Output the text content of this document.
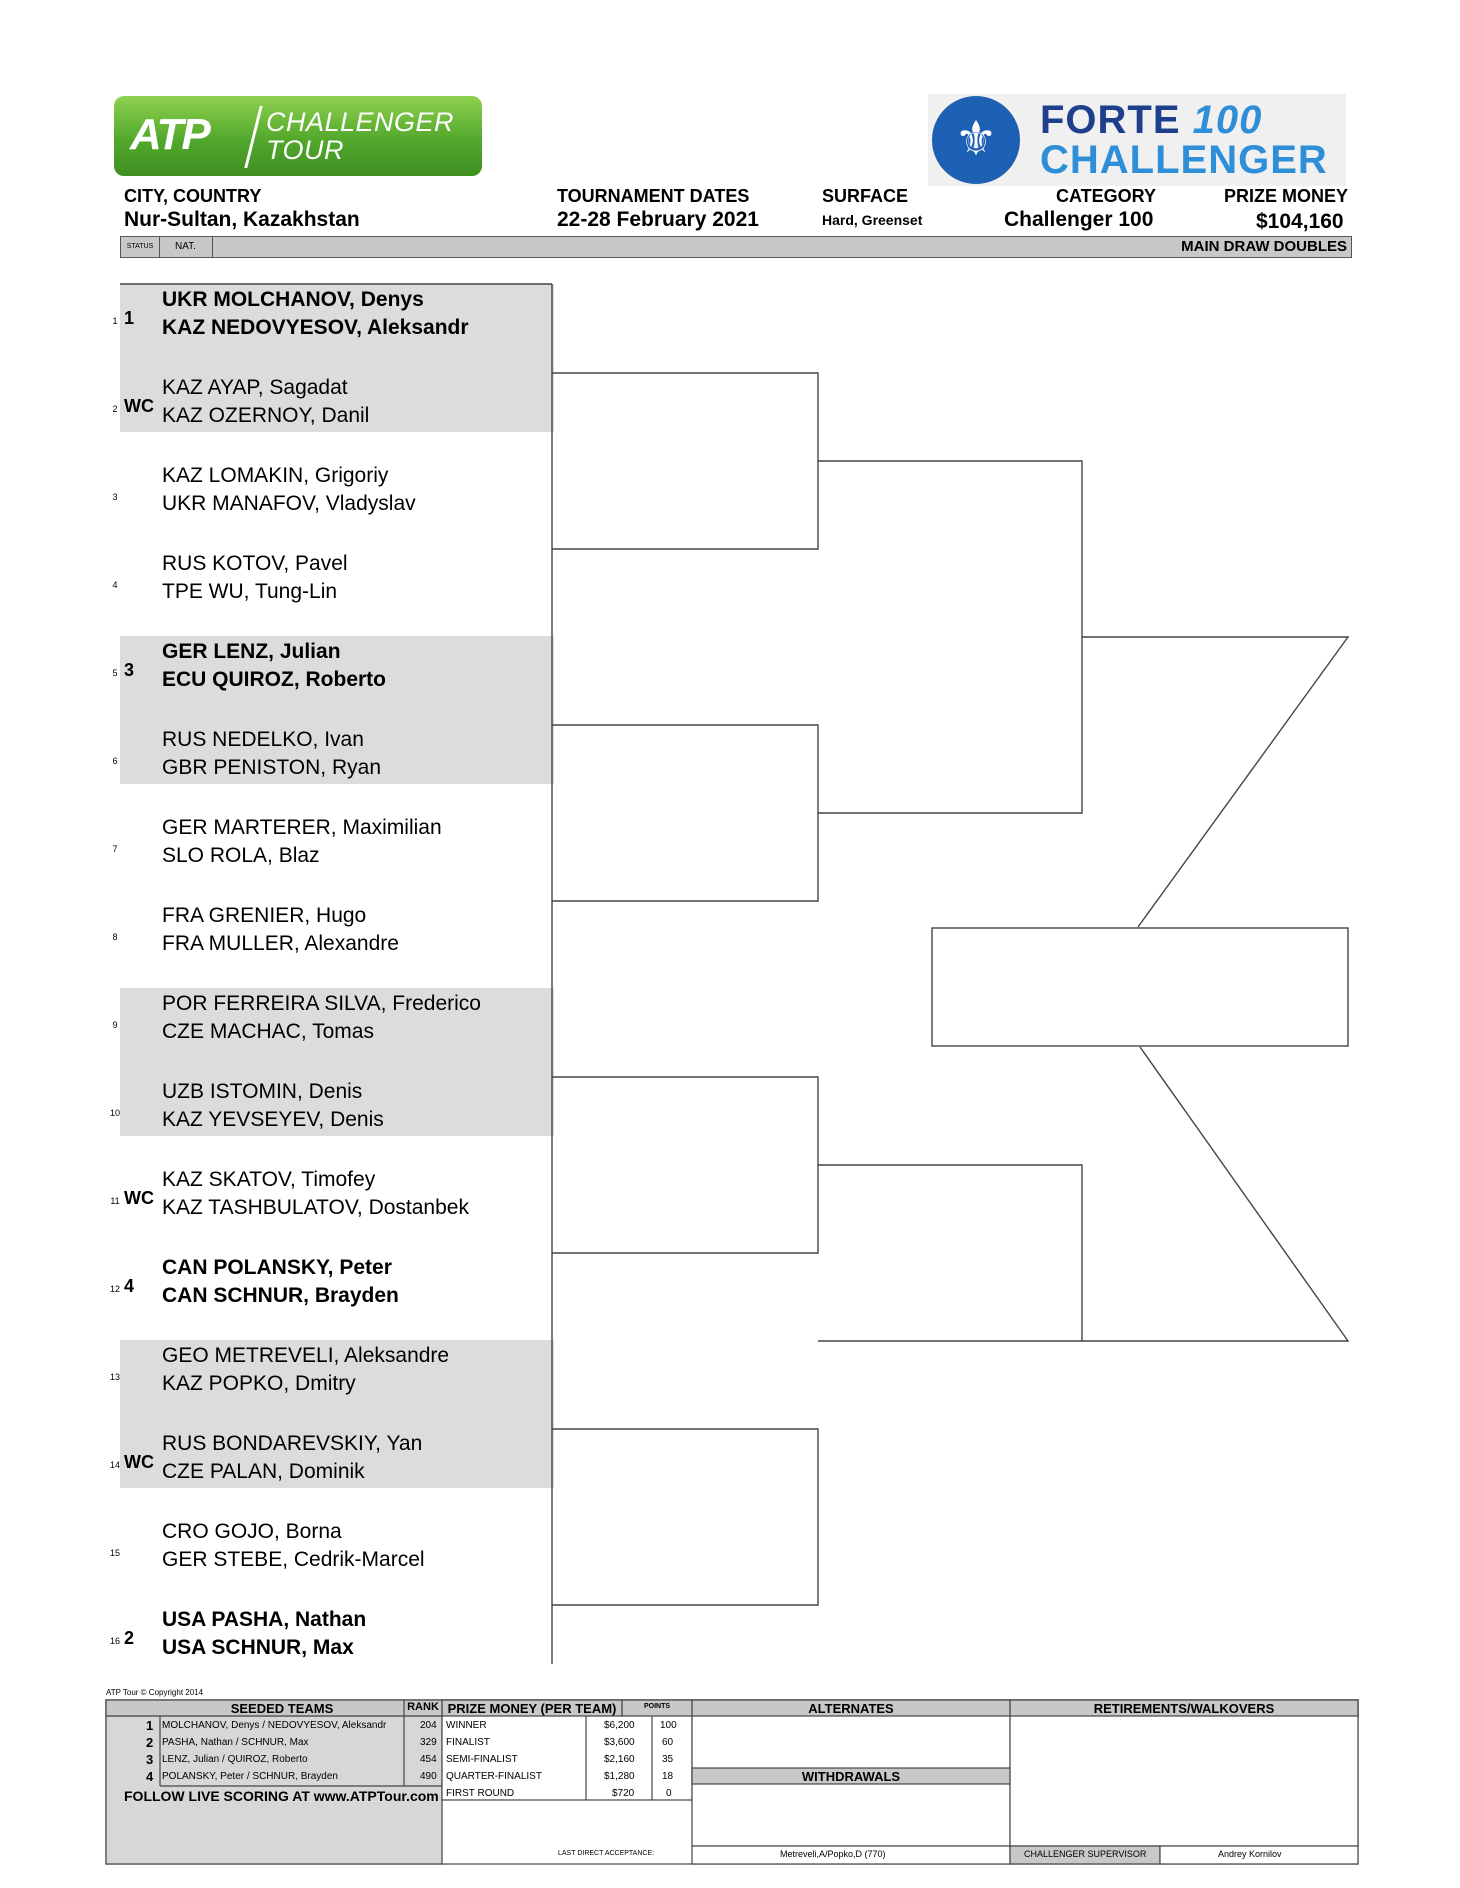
ATP CHALLENGER
TOUR	⚜ FORTE 100
CHALLENGER
CITY, COUNTRY
Nur-Sultan, Kazakhstan
TOURNAMENT DATES
22-28 February 2021
SURFACE
Hard, Greenset
CATEGORY
Challenger 100
PRIZE MONEY
$104,160
STATUS	NAT.	MAIN DRAW DOUBLES
1 1
UKR MOLCHANOV, Denys
KAZ NEDOVYESOV, Aleksandr
2 WC
KAZ AYAP, Sagadat
KAZ OZERNOY, Danil
3
KAZ LOMAKIN, Grigoriy
UKR MANAFOV, Vladyslav
4
RUS KOTOV, Pavel
TPE WU, Tung-Lin
5 3
GER LENZ, Julian
ECU QUIROZ, Roberto
6
RUS NEDELKO, Ivan
GBR PENISTON, Ryan
7
GER MARTERER, Maximilian
SLO ROLA, Blaz
8
FRA GRENIER, Hugo
FRA MULLER, Alexandre
9
POR FERREIRA SILVA, Frederico
CZE MACHAC, Tomas
10
UZB ISTOMIN, Denis
KAZ YEVSEYEV, Denis
11 WC
KAZ SKATOV, Timofey
KAZ TASHBULATOV, Dostanbek
12 4
CAN POLANSKY, Peter
CAN SCHNUR, Brayden
13
GEO METREVELI, Aleksandre
KAZ POPKO, Dmitry
14 WC
RUS BONDAREVSKIY, Yan
CZE PALAN, Dominik
15
CRO GOJO, Borna
GER STEBE, Cedrik-Marcel
16 2
USA PASHA, Nathan
USA SCHNUR, Max
ATP Tour © Copyright 2014
SEEDED TEAMS	RANK PRIZE MONEY (PER TEAM)	POINTS	ALTERNATES
WITHDRAWALS
RETIREMENTS/WALKOVERS
1 MOLCHANOV, Denys / NEDOVYESOV, Aleksandr	204
2 PASHA, Nathan / SCHNUR, Max	329
3 LENZ, Julian / QUIROZ, Roberto	454
4 POLANSKY, Peter / SCHNUR, Brayden	490
FOLLOW LIVE SCORING AT www.ATPTour.com
WINNER	$6,200	100
FINALIST	$3,600	60
SEMI-FINALIST	$2,160	35
QUARTER-FINALIST	$1,280	18
FIRST ROUND	$720	0
LAST DIRECT ACCEPTANCE:	Metreveli,A/Popko,D (770)	CHALLENGER SUPERVISOR	Andrey Kornilov
